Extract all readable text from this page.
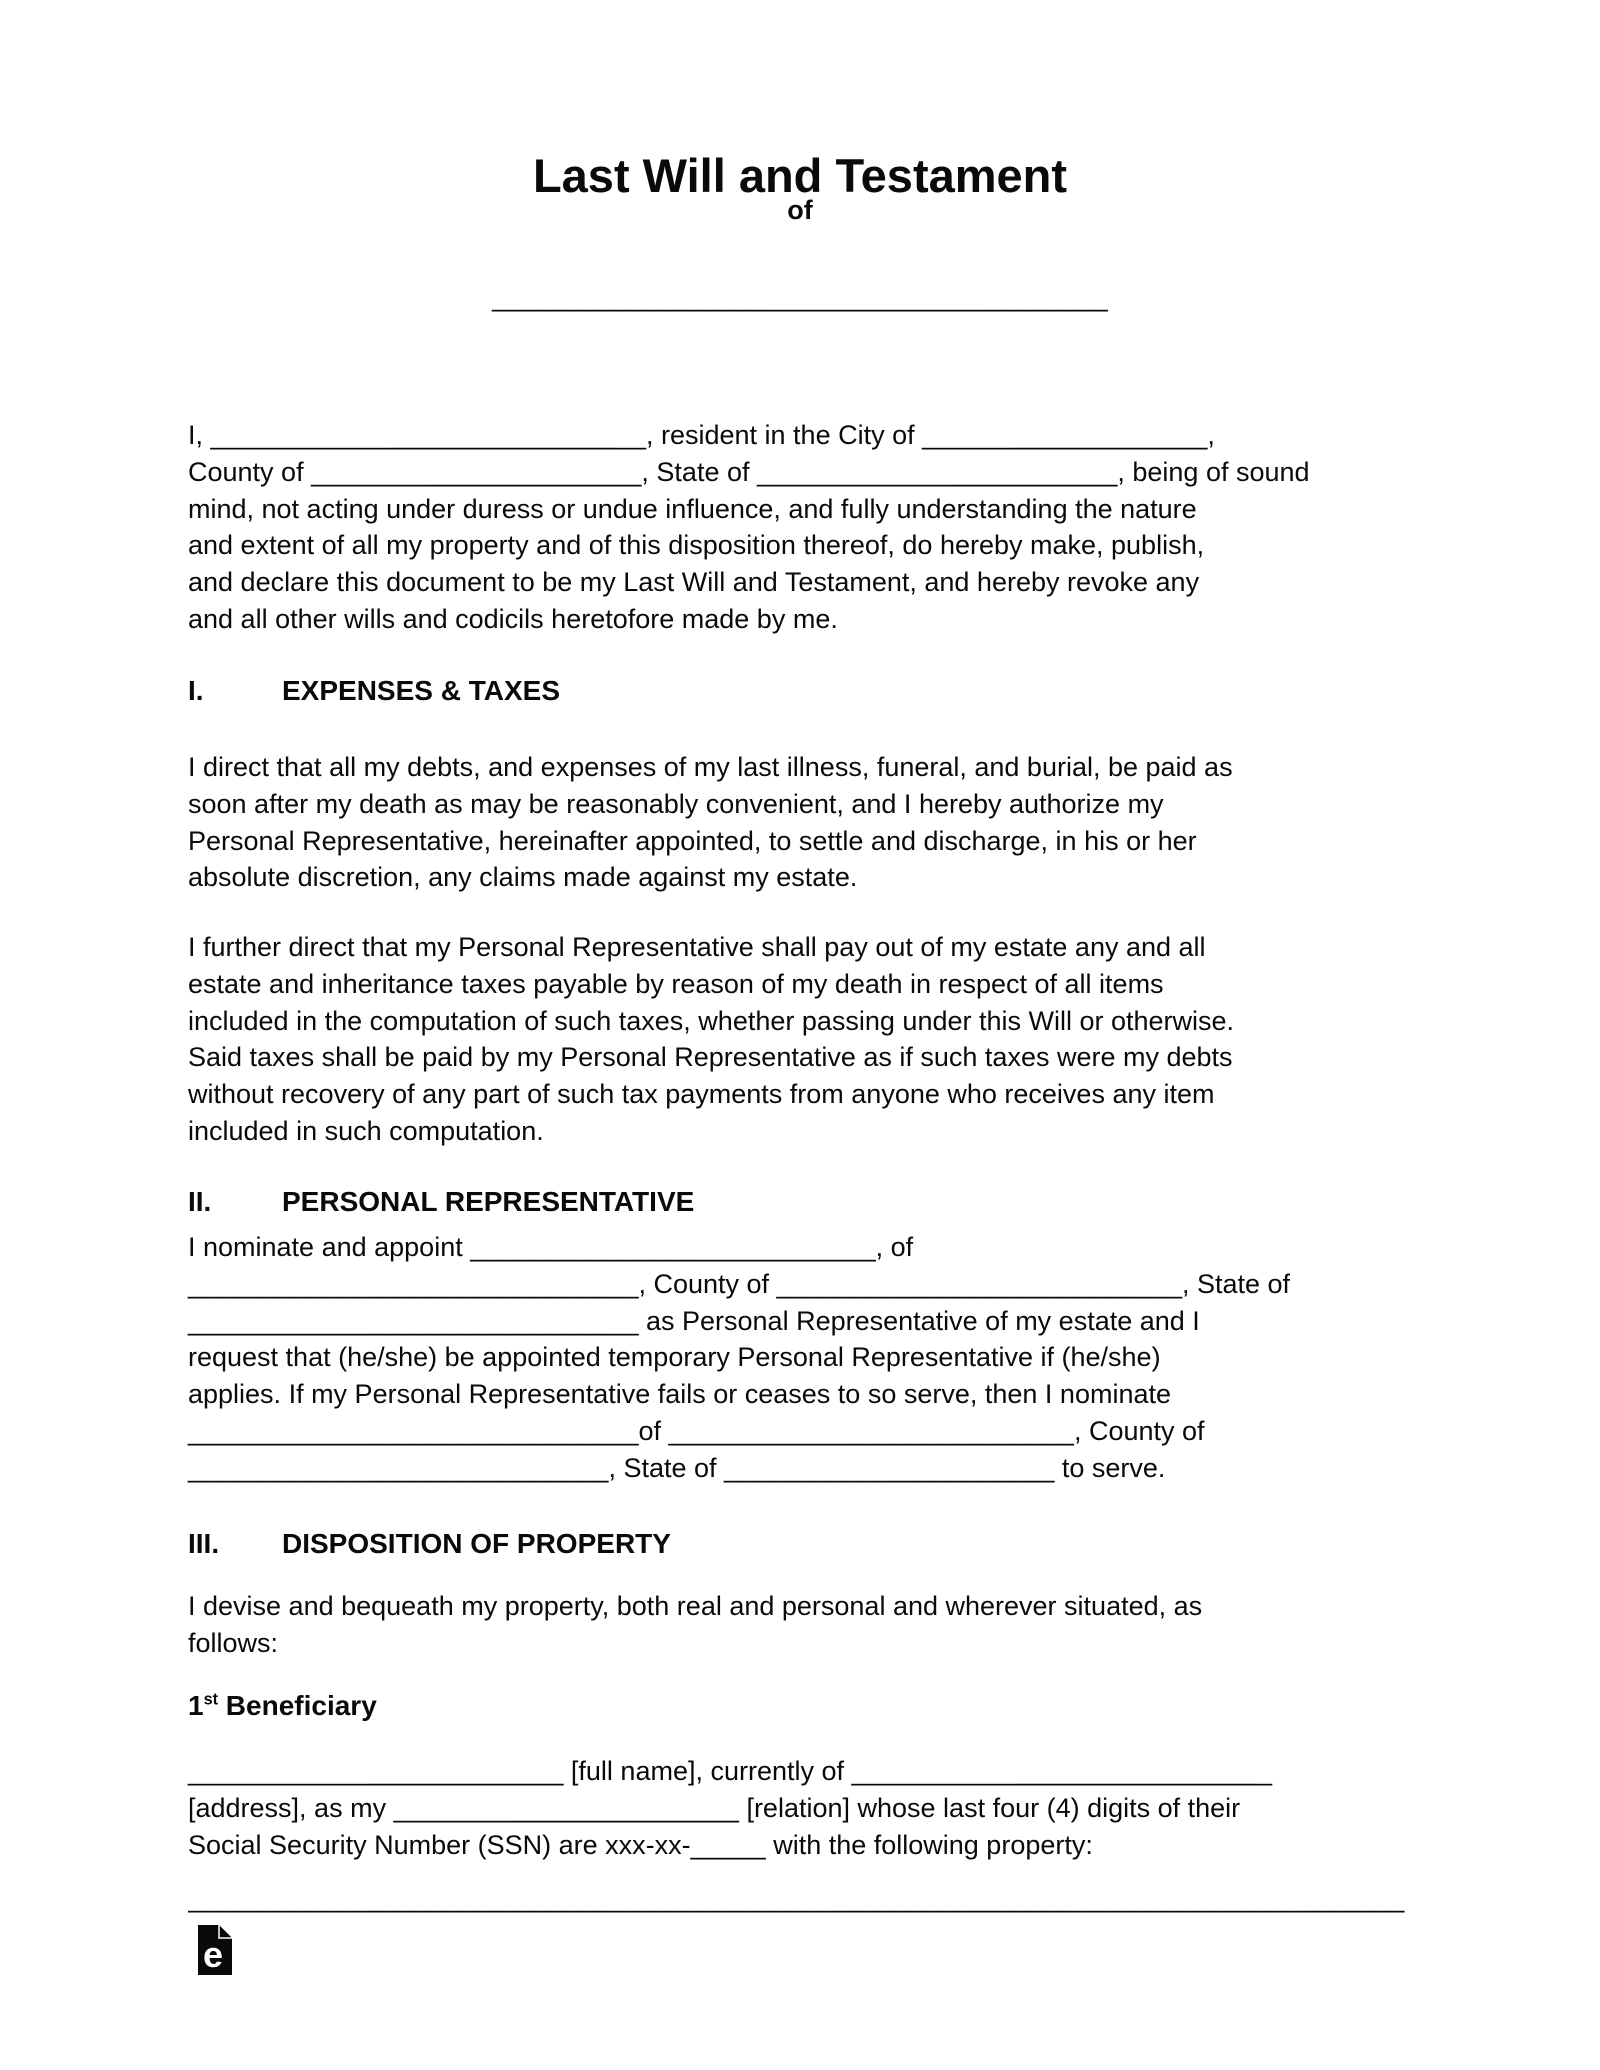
Last Will and Testament
of
_________________________________________
I, _____________________________, resident in the City of ___________________,
County of ______________________, State of ________________________, being of sound
mind, not acting under duress or undue influence, and fully understanding the nature
and extent of all my property and of this disposition thereof, do hereby make, publish,
and declare this document to be my Last Will and Testament, and hereby revoke any
and all other wills and codicils heretofore made by me.
I.	EXPENSES & TAXES
I direct that all my debts, and expenses of my last illness, funeral, and burial, be paid as
soon after my death as may be reasonably convenient, and I hereby authorize my
Personal Representative, hereinafter appointed, to settle and discharge, in his or her
absolute discretion, any claims made against my estate.
I further direct that my Personal Representative shall pay out of my estate any and all
estate and inheritance taxes payable by reason of my death in respect of all items
included in the computation of such taxes, whether passing under this Will or otherwise.
Said taxes shall be paid by my Personal Representative as if such taxes were my debts
without recovery of any part of such tax payments from anyone who receives any item
included in such computation.
II.	PERSONAL REPRESENTATIVE
I nominate and appoint ___________________________, of
______________________________, County of ___________________________, State of
______________________________ as Personal Representative of my estate and I
request that (he/she) be appointed temporary Personal Representative if (he/she)
applies. If my Personal Representative fails or ceases to so serve, then I nominate
______________________________of ___________________________, County of
____________________________, State of ______________________ to serve.
III. DISPOSITION OF PROPERTY
I devise and bequeath my property, both real and personal and wherever situated, as
follows:
1st Beneficiary
_________________________ [full name], currently of ____________________________
[address], as my _______________________ [relation] whose last four (4) digits of their
Social Security Number (SSN) are xxx-xx-_____ with the following property:
_________________________________________________________________________________
e
